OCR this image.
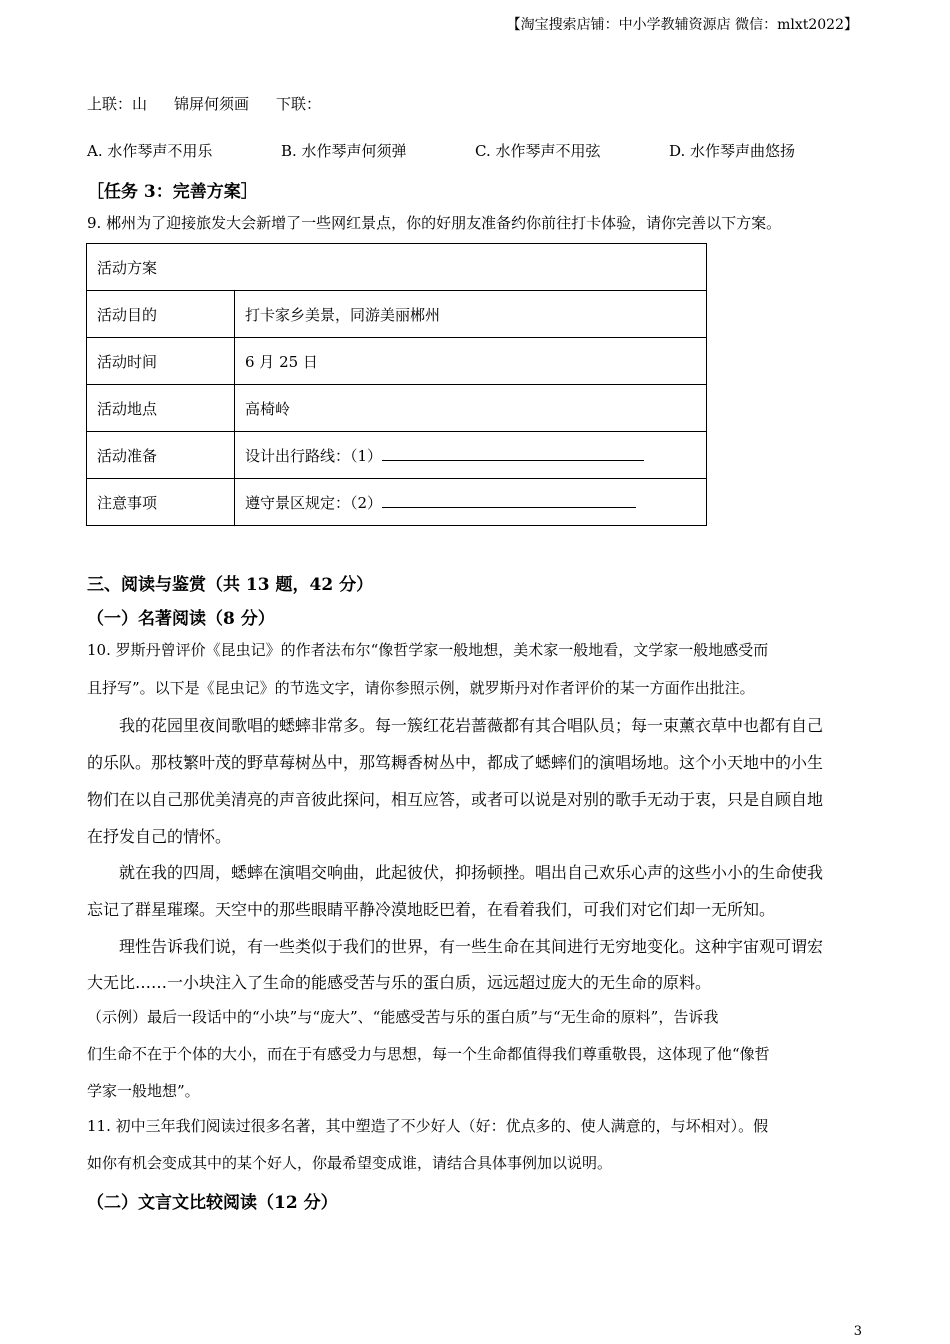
【淘宝搜索店铺：中小学教辅资源店 微信：mlxt2022】
上联：山 锦屏何须画 下联：
A. 水作琴声不用乐	B. 水作琴声何须弹	C. 水作琴声不用弦	D. 水作琴声曲悠扬
［任务 3：完善方案］
9. 郴州为了迎接旅发大会新增了一些网红景点，你的好朋友准备约你前往打卡体验，请你完善以下方案。
活动方案	
活动目的	打卡家乡美景，同游美丽郴州
活动时间	6 月 25 日
活动地点	高椅岭
活动准备	设计出行路线：（1）
注意事项	遵守景区规定：（2）
三、阅读与鉴赏（共 13 题，42 分）
（一）名著阅读（8 分）
10. 罗斯丹曾评价《昆虫记》的作者法布尔“像哲学家一般地想，美术家一般地看，文学家一般地感受而
且抒写”。以下是《昆虫记》的节选文字，请你参照示例，就罗斯丹对作者评价的某一方面作出批注。
我的花园里夜间歌唱的蟋蟀非常多。每一簇红花岩蔷薇都有其合唱队员；每一束薰衣草中也都有自己
的乐队。那枝繁叶茂的野草莓树丛中，那笃耨香树丛中，都成了蟋蟀们的演唱场地。这个小天地中的小生
物们在以自己那优美清亮的声音彼此探问，相互应答，或者可以说是对别的歌手无动于衷，只是自顾自地
在抒发自己的情怀。
就在我的四周，蟋蟀在演唱交响曲，此起彼伏，抑扬顿挫。唱出自己欢乐心声的这些小小的生命使我
忘记了群星璀璨。天空中的那些眼睛平静冷漠地眨巴着，在看着我们，可我们对它们却一无所知。
理性告诉我们说，有一些类似于我们的世界，有一些生命在其间进行无穷地变化。这种宇宙观可谓宏
大无比……一小块注入了生命的能感受苦与乐的蛋白质，远远超过庞大的无生命的原料。
（示例）最后一段话中的“小块”与“庞大”、“能感受苦与乐的蛋白质”与“无生命的原料”，告诉我
们生命不在于个体的大小，而在于有感受力与思想，每一个生命都值得我们尊重敬畏，这体现了他“像哲
学家一般地想”。
11. 初中三年我们阅读过很多名著，其中塑造了不少好人（好：优点多的、使人满意的，与坏相对）。假
如你有机会变成其中的某个好人，你最希望变成谁，请结合具体事例加以说明。
（二）文言文比较阅读（12 分）
3
